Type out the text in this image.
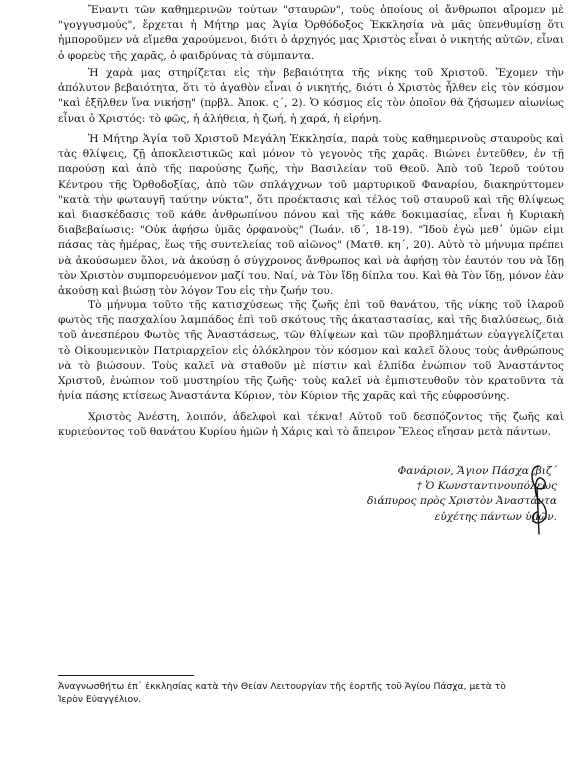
Ἔναντι τῶν καθημερινῶν τούτων "σταυρῶν", τοὺς ὁποίους οἱ ἄνθρωποι αἴρομεν μὲ "γογγυσμούς", ἔρχεται ἡ Μήτηρ μας Ἁγία Ὀρθόδοξος Ἐκκλησία νὰ μᾶς ὑπενθυμίσῃ ὅτι ἠμποροῦμεν νὰ εἴμεθα χαρούμενοι, διότι ὁ ἀρχηγός μας Χριστὸς εἶναι ὁ νικητής αὐτῶν, εἶναι ὁ φορεὺς τῆς χαρᾶς, ὁ φαιδρύνας τὰ σύμπαντα.

Ἡ χαρὰ μας στηρίζεται εἰς τὴν βεβαιότητα τῆς νίκης τοῦ Χριστοῦ. Ἔχομεν τὴν ἀπόλυτον βεβαιότητα, ὅτι τὸ ἀγαθὸν εἶναι ὁ νικητής, διότι ὁ Χριστὸς ἦλθεν εἰς τὸν κόσμον "καὶ ἐξῆλθεν ἵνα νικήσῃ" (πρβλ. Ἀποκ. ς΄, 2). Ὁ κόσμος εἰς τὸν ὁποῖον θὰ ζήσωμεν αἰωνίως εἶναι ὁ Χριστός: τὸ φῶς, ἡ ἀλήθεια, ἡ ζωή, ἡ χαρά, ἡ εἰρήνη.

Ἡ Μήτηρ Ἁγία τοῦ Χριστοῦ Μεγάλη Ἐκκλησία, παρὰ τοὺς καθημερινοὺς σταυροὺς καὶ τὰς θλίψεις, ζῇ ἀποκλειστικῶς καὶ μόνον τὸ γεγονὸς τῆς χαρᾶς. Βιώνει ἐντεῦθεν, ἐν τῇ παρούσῃ καὶ ἀπὸ τῆς παρούσης ζωῆς, τὴν Βασιλείαν τοῦ Θεοῦ. Ἀπὸ τοῦ Ἱεροῦ τούτου Κέντρου τῆς Ὀρθοδοξίας, ἀπὸ τῶν σπλάγχνων τοῦ μαρτυρικοῦ Φαναρίου, διακηρύττομεν "κατὰ τὴν φωταυγῆ ταύτην νύκτα", ὅτι προέκτασις καὶ τέλος τοῦ σταυροῦ καὶ τῆς θλίψεως καὶ διασκέδασις τοῦ κάθε ἀνθρωπίνου πόνου καὶ τῆς κάθε δοκιμασίας, εἶναι ἡ Κυριακὴ διαβεβαίωσις: "Οὐκ ἀφήσω ὑμᾶς ὀρφανοὺς" (Ἰωάν. ιδ΄, 18-19). "Ἰδοὺ ἐγὼ μεθ᾽ ὑμῶν εἰμι πάσας τὰς ἡμέρας, ἕως τῆς συντελείας τοῦ αἰῶνος" (Ματθ. κη΄, 20). Αὐτὸ τὸ μήνυμα πρέπει νὰ ἀκούσωμεν ὅλοι, νὰ ἀκούσῃ ὁ σύγχρονος ἄνθρωπος καὶ νὰ ἀφήσῃ τὸν ἑαυτόν του νὰ ἴδῃ τὸν Χριστὸν συμπορευόμενον μαζί του. Ναί, νὰ Τὸν ἴδῃ δίπλα του. Καὶ θὰ Τὸν ἴδῃ, μόνον ἐὰν ἀκούσῃ καὶ βιώσῃ τὸν λόγον Του εἰς τὴν ζωήν του.

Τὸ μήνυμα τοῦτο τῆς κατισχύσεως τῆς ζωῆς ἐπὶ τοῦ θανάτου, τῆς νίκης τοῦ ἱλαροῦ φωτὸς τῆς πασχαλίου λαμπάδος ἐπὶ τοῦ σκότους τῆς ἀκαταστασίας, καὶ τῆς διαλύσεως, διὰ τοῦ ἀνεσπέρου Φωτὸς τῆς Ἀναστάσεως, τῶν θλίψεων καὶ τῶν προβλημάτων εὐαγγελίζεται τὸ Οἰκουμενικὸν Πατριαρχεῖον εἰς ὁλόκληρον τὸν κόσμον καὶ καλεῖ ὅλους τοὺς ἀνθρώπους νὰ τὸ βιώσουν. Τοὺς καλεῖ νὰ σταθοῦν μὲ πίστιν καὶ ἐλπίδα ἐνώπιον τοῦ Ἀναστάντος Χριστοῦ, ἐνώπιον τοῦ μυστηρίου τῆς ζωῆς· τοὺς καλεῖ νὰ ἐμπιστευθοῦν τὸν κρατοῦντα τὰ ἡνία πάσης κτίσεως Ἀναστάντα Κύριον, τὸν Κύριον τῆς χαρᾶς καὶ τῆς εὐφροσύνης.

Χριστὸς Ἀνέστη, λοιπόν, ἀδελφοὶ καὶ τέκνα! Αὐτοῦ τοῦ δεσπόζοντος τῆς ζωῆς καὶ κυριεύοντος τοῦ θανάτου Κυρίου ἡμῶν ἡ Χάρις καὶ τὸ ἄπειρον Ἔλεος εἴησαν μετὰ πάντων.

Φανάριον, Ἅγιον Πάσχα ,βιζ΄
† Ὁ Κωνσταντινουπόλεως
διάπυρος πρὸς Χριστὸν Ἀναστάντα
εὐχέτης πάντων ὑμῶν.
Ἀναγνωσθήτω ἐπ᾽ ἐκκλησίας κατὰ τὴν Θείαν Λειτουργίαν τῆς ἑορτῆς τοῦ Ἁγίου Πάσχα, μετὰ τὸ Ἱερὸν Εὐαγγέλιον.
